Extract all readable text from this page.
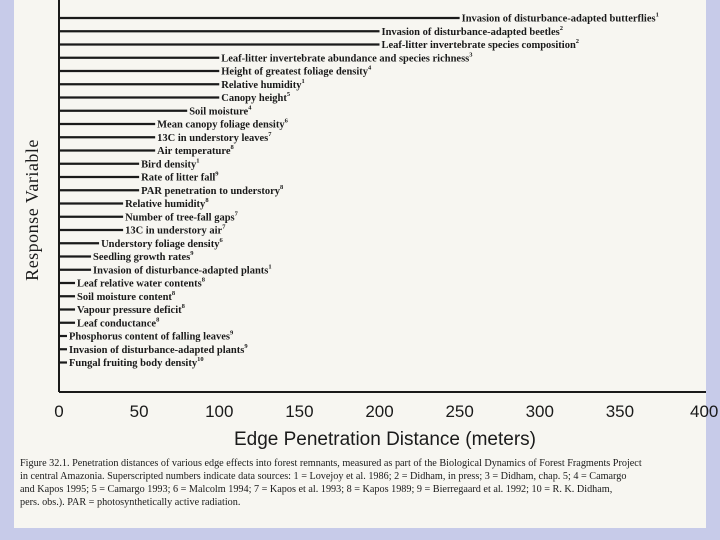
Invasion of disturbance-adapted butterflies$^1$
Invasion of disturbance-adapted beetles$^2$
Leaf-litter invertebrate species composition$^2$
Leaf-litter invertebrate abundance and species richness$^3$
Height of greatest foliage density$^4$
Relative humidity$^1$
Canopy height$^5$
Soil moisture$^4$
Mean canopy foliage density$^6$
13C in understory leaves$^7$
Air temperature$^8$
Bird density$^1$
Rate of litter fall$^9$
PAR penetration to understory$^8$
Relative humidity$^8$
Number of tree-fall gaps$^7$
13C in understory air$^7$
Understory foliage density$^6$
Seedling growth rates$^9$
Invasion of disturbance-adapted plants$^1$
Leaf relative water contents$^8$
Soil moisture content$^8$
Vapour pressure deficit$^8$
Leaf conductance$^8$
Phosphorus content of falling leaves$^9$
Invasion of disturbance-adapted plants$^9$
Fungal fruiting body density$^{10}$
0	50	100	150	200	250	300	350	400
Edge Penetration Distance (meters)
Response Variable
Figure 32.1. Penetration distances of various edge effects into forest remnants, measured as part of the Biological Dynamics of Forest Fragments Project
in central Amazonia. Superscripted numbers indicate data sources: 1 = Lovejoy et al. 1986; 2 = Didham, in press; 3 = Didham, chap. 5; 4 = Camargo
and Kapos 1995; 5 = Camargo 1993; 6 = Malcolm 1994; 7 = Kapos et al. 1993; 8 = Kapos 1989; 9 = Bierregaard et al. 1992; 10 = R. K. Didham,
pers. obs.). PAR = photosynthetically active radiation.
